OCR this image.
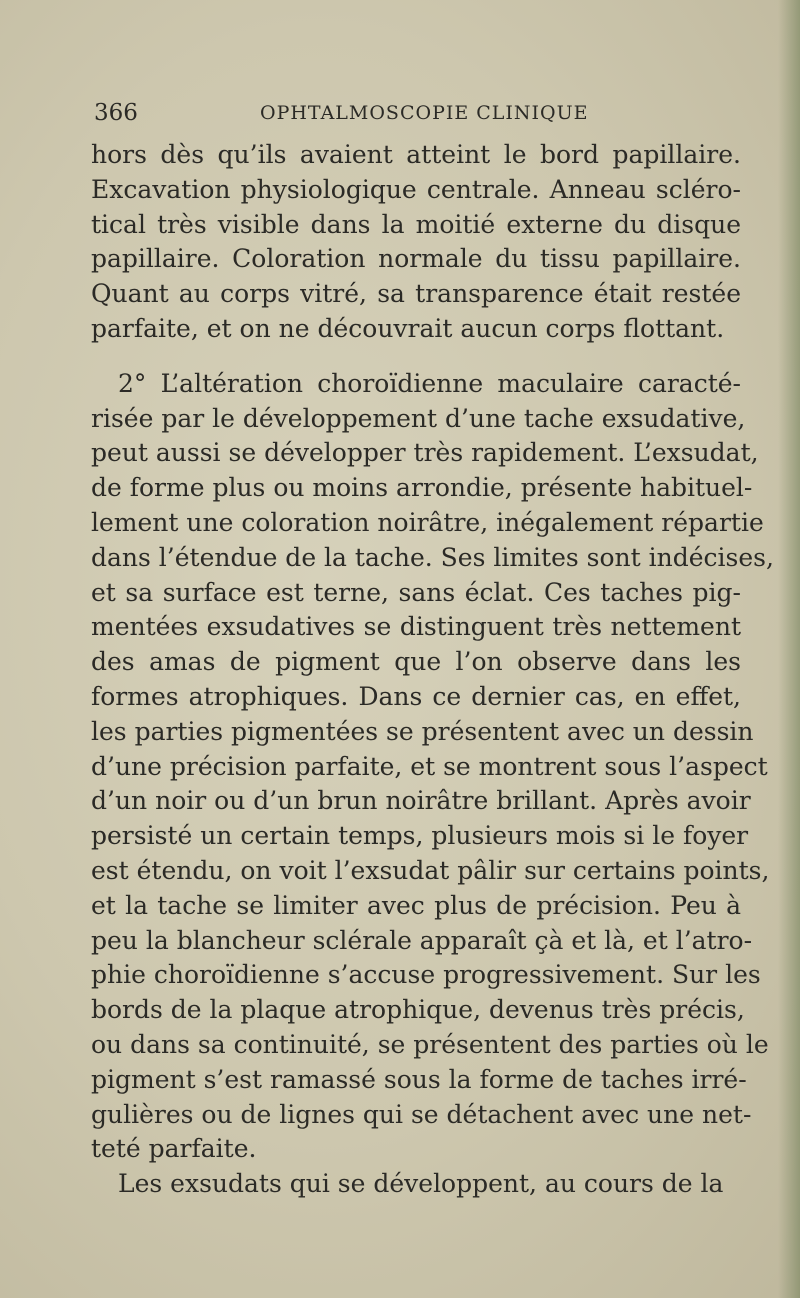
366	OPHTALMOSCOPIE CLINIQUE
hors dès qu’ils avaient atteint le bord papillaire.
Excavation physiologique centrale. Anneau scléro-
tical très visible dans la moitié externe du disque
papillaire. Coloration normale du tissu papillaire.
Quant au corps vitré, sa transparence était restée
parfaite, et on ne découvrait aucun corps flottant.
2° L’altération choroïdienne maculaire caracté-
risée par le développement d’une tache exsudative,
peut aussi se développer très rapidement. L’exsudat,
de forme plus ou moins arrondie, présente habituel-
lement une coloration noirâtre, inégalement répartie
dans l’étendue de la tache. Ses limites sont indécises,
et sa surface est terne, sans éclat. Ces taches pig-
mentées exsudatives se distinguent très nettement
des amas de pigment que l’on observe dans les
formes atrophiques. Dans ce dernier cas, en effet,
les parties pigmentées se présentent avec un dessin
d’une précision parfaite, et se montrent sous l’aspect
d’un noir ou d’un brun noirâtre brillant. Après avoir
persisté un certain temps, plusieurs mois si le foyer
est étendu, on voit l’exsudat pâlir sur certains points,
et la tache se limiter avec plus de précision. Peu à
peu la blancheur sclérale apparaît çà et là, et l’atro-
phie choroïdienne s’accuse progressivement. Sur les
bords de la plaque atrophique, devenus très précis,
ou dans sa continuité, se présentent des parties où le
pigment s’est ramassé sous la forme de taches irré-
gulières ou de lignes qui se détachent avec une net-
teté parfaite.
Les exsudats qui se développent, au cours de la
